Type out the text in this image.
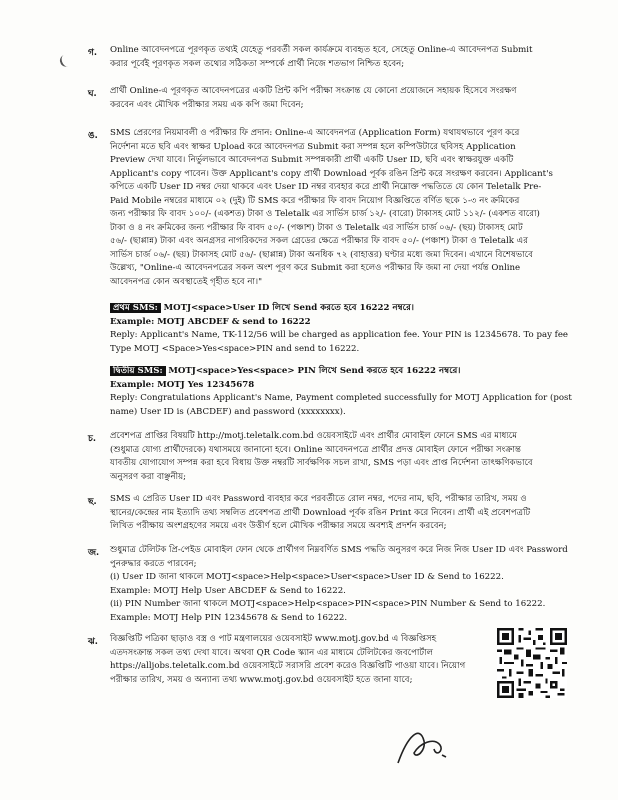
গ. Online আবেদনপত্রে পূরণকৃত তথ্যই যেহেতু পরবর্তী সকল কার্যক্রমে ব্যবহৃত হবে, সেহেতু Online-এ আবেদনপত্র Submit
করার পূর্বেই পূরণকৃত সকল তথ্যের সঠিকতা সম্পর্কে প্রার্থী নিজে শতভাগ নিশ্চিত হবেন;
ঘ. প্রার্থী Online-এ পূরণকৃত আবেদনপত্রের একটি প্রিন্ট কপি পরীক্ষা সংক্রান্ত যে কোনো প্রয়োজনে সহায়ক হিসেবে সংরক্ষণ
করবেন এবং মৌখিক পরীক্ষার সময় এক কপি জমা দিবেন;
ঙ. SMS প্রেরণের নিয়মাবলী ও পরীক্ষার ফি প্রদান: Online-এ আবেদনপত্র (Application Form) যথাযথভাবে পূরণ করে
নির্দেশনা মতে ছবি এবং স্বাক্ষর Upload করে আবেদনপত্র Submit করা সম্পন্ন হলে কম্পিউটারে ছবিসহ Application
Preview দেখা যাবে। নির্ভুলভাবে আবেদনপত্র Submit সম্পন্নকারী প্রার্থী একটি User ID, ছবি এবং স্বাক্ষরযুক্ত একটি
Applicant's copy পাবেন। উক্ত Applicant's copy প্রার্থী Download পূর্বক রঙিন প্রিন্ট করে সংরক্ষণ করবেন। Applicant's
কপিতে একটি User ID নম্বর দেয়া থাকবে এবং User ID নম্বর ব্যবহার করে প্রার্থী নিম্নোক্ত পদ্ধতিতে যে কোন Teletalk Pre-
Paid Mobile নম্বরের মাধ্যমে ০২ (দুই) টি SMS করে পরীক্ষার ফি বাবদ নিয়োগ বিজ্ঞপ্তিতে বর্ণিত ছকে ১-৩ নং ক্রমিকের
জন্য পরীক্ষার ফি বাবদ ১০০/- (একশত) টাকা ও Teletalk এর সার্ভিস চার্জ ১২/- (বারো) টাকাসহ মোট ১১২/- (একশত বারো)
টাকা ও ৪ নং ক্রমিকের জন্য পরীক্ষার ফি বাবদ ৫০/- (পঞ্চাশ) টাকা ও Teletalk এর সার্ভিস চার্জ ০৬/- (ছয়) টাকাসহ মোট
৫৬/- (ছাপ্পান্ন) টাকা এবং অনগ্রসর নাগরিকদের সকল গ্রেডের ক্ষেত্রে পরীক্ষার ফি বাবদ ৫০/- (পঞ্চাশ) টাকা ও Teletalk এর
সার্ভিস চার্জ ০৬/- (ছয়) টাকাসহ মোট ৫৬/- (ছাপ্পান্ন) টাকা অনধিক ৭২ (বাহাত্তর) ঘণ্টার মধ্যে জমা দিবেন। এখানে বিশেষভাবে
উল্লেখ্য, "Online-এ আবেদনপত্রের সকল অংশ পূরণ করে Submit করা হলেও পরীক্ষার ফি জমা না দেয়া পর্যন্ত Online
আবেদনপত্র কোন অবস্থাতেই গৃহীত হবে না।"
প্রথম SMS: MOTJ<space>User ID লিখে Send করতে হবে 16222 নম্বরে।
Example: MOTJ ABCDEF & send to 16222
Reply: Applicant's Name, TK-112/56 will be charged as application fee. Your PIN is 12345678. To pay fee
Type MOTJ <Space>Yes<space>PIN and send to 16222.
দ্বিতীয় SMS: MOTJ<space>Yes<space> PIN লিখে Send করতে হবে 16222 নম্বরে।
Example: MOTJ Yes 12345678
Reply: Congratulations Applicant's Name, Payment completed successfully for MOTJ Application for (post
name) User ID is (ABCDEF) and password (xxxxxxxx).
চ. প্রবেশপত্র প্রাপ্তির বিষয়টি http://motj.teletalk.com.bd ওয়েবসাইটে এবং প্রার্থীর মোবাইল ফোনে SMS এর মাধ্যমে
(শুধুমাত্র যোগ্য প্রার্থীদেরকে) যথাসময়ে জানানো হবে। Online আবেদনপত্রে প্রার্থীর প্রদত্ত মোবাইল ফোনে পরীক্ষা সংক্রান্ত
যাবতীয় যোগাযোগ সম্পন্ন করা হবে বিধায় উক্ত নম্বরটি সার্বক্ষণিক সচল রাখা, SMS পড়া এবং প্রাপ্ত নির্দেশনা তাৎক্ষণিকভাবে
অনুসরণ করা বাঞ্ছনীয়;
ছ. SMS এ প্রেরিত User ID এবং Password ব্যবহার করে পরবর্তীতে রোল নম্বর, পদের নাম, ছবি, পরীক্ষার তারিখ, সময় ও
স্থানের/কেন্দ্রের নাম ইত্যাদি তথ্য সম্বলিত প্রবেশপত্র প্রার্থী Download পূর্বক রঙিন Print করে নিবেন। প্রার্থী এই প্রবেশপত্রটি
লিখিত পরীক্ষায় অংশগ্রহণের সময়ে এবং উত্তীর্ণ হলে মৌখিক পরীক্ষার সময়ে অবশ্যই প্রদর্শন করবেন;
জ. শুধুমাত্র টেলিটক প্রি-পেইড মোবাইল ফোন থেকে প্রার্থীগণ নিম্নবর্ণিত SMS পদ্ধতি অনুসরণ করে নিজ নিজ User ID এবং Password
পুনরুদ্ধার করতে পারবেন;
(i) User ID জানা থাকলে MOTJ<space>Help<space>User<space>User ID & Send to 16222.
Example: MOTJ Help User ABCDEF & Send to 16222.
(ii) PIN Number জানা থাকলে MOTJ<space>Help<space>PIN<space>PIN Number & Send to 16222.
Example: MOTJ Help PIN 12345678 & Send to 16222.
ঝ. বিজ্ঞপ্তিটি পত্রিকা ছাড়াও বস্ত্র ও পাট মন্ত্রণালয়ের ওয়েবসাইট www.motj.gov.bd এ বিজ্ঞপ্তিসহ
এতদসংক্রান্ত সকল তথ্য দেখা যাবে। অথবা QR Code স্ক্যান এর মাধ্যমে টেলিটকের জবপোর্টাল
https://alljobs.teletalk.com.bd ওয়েবসাইটে সরাসরি প্রবেশ করেও বিজ্ঞপ্তিটি পাওয়া যাবে। নিয়োগ
পরীক্ষার তারিখ, সময় ও অন্যান্য তথ্য www.motj.gov.bd ওয়েবসাইট হতে জানা যাবে;
